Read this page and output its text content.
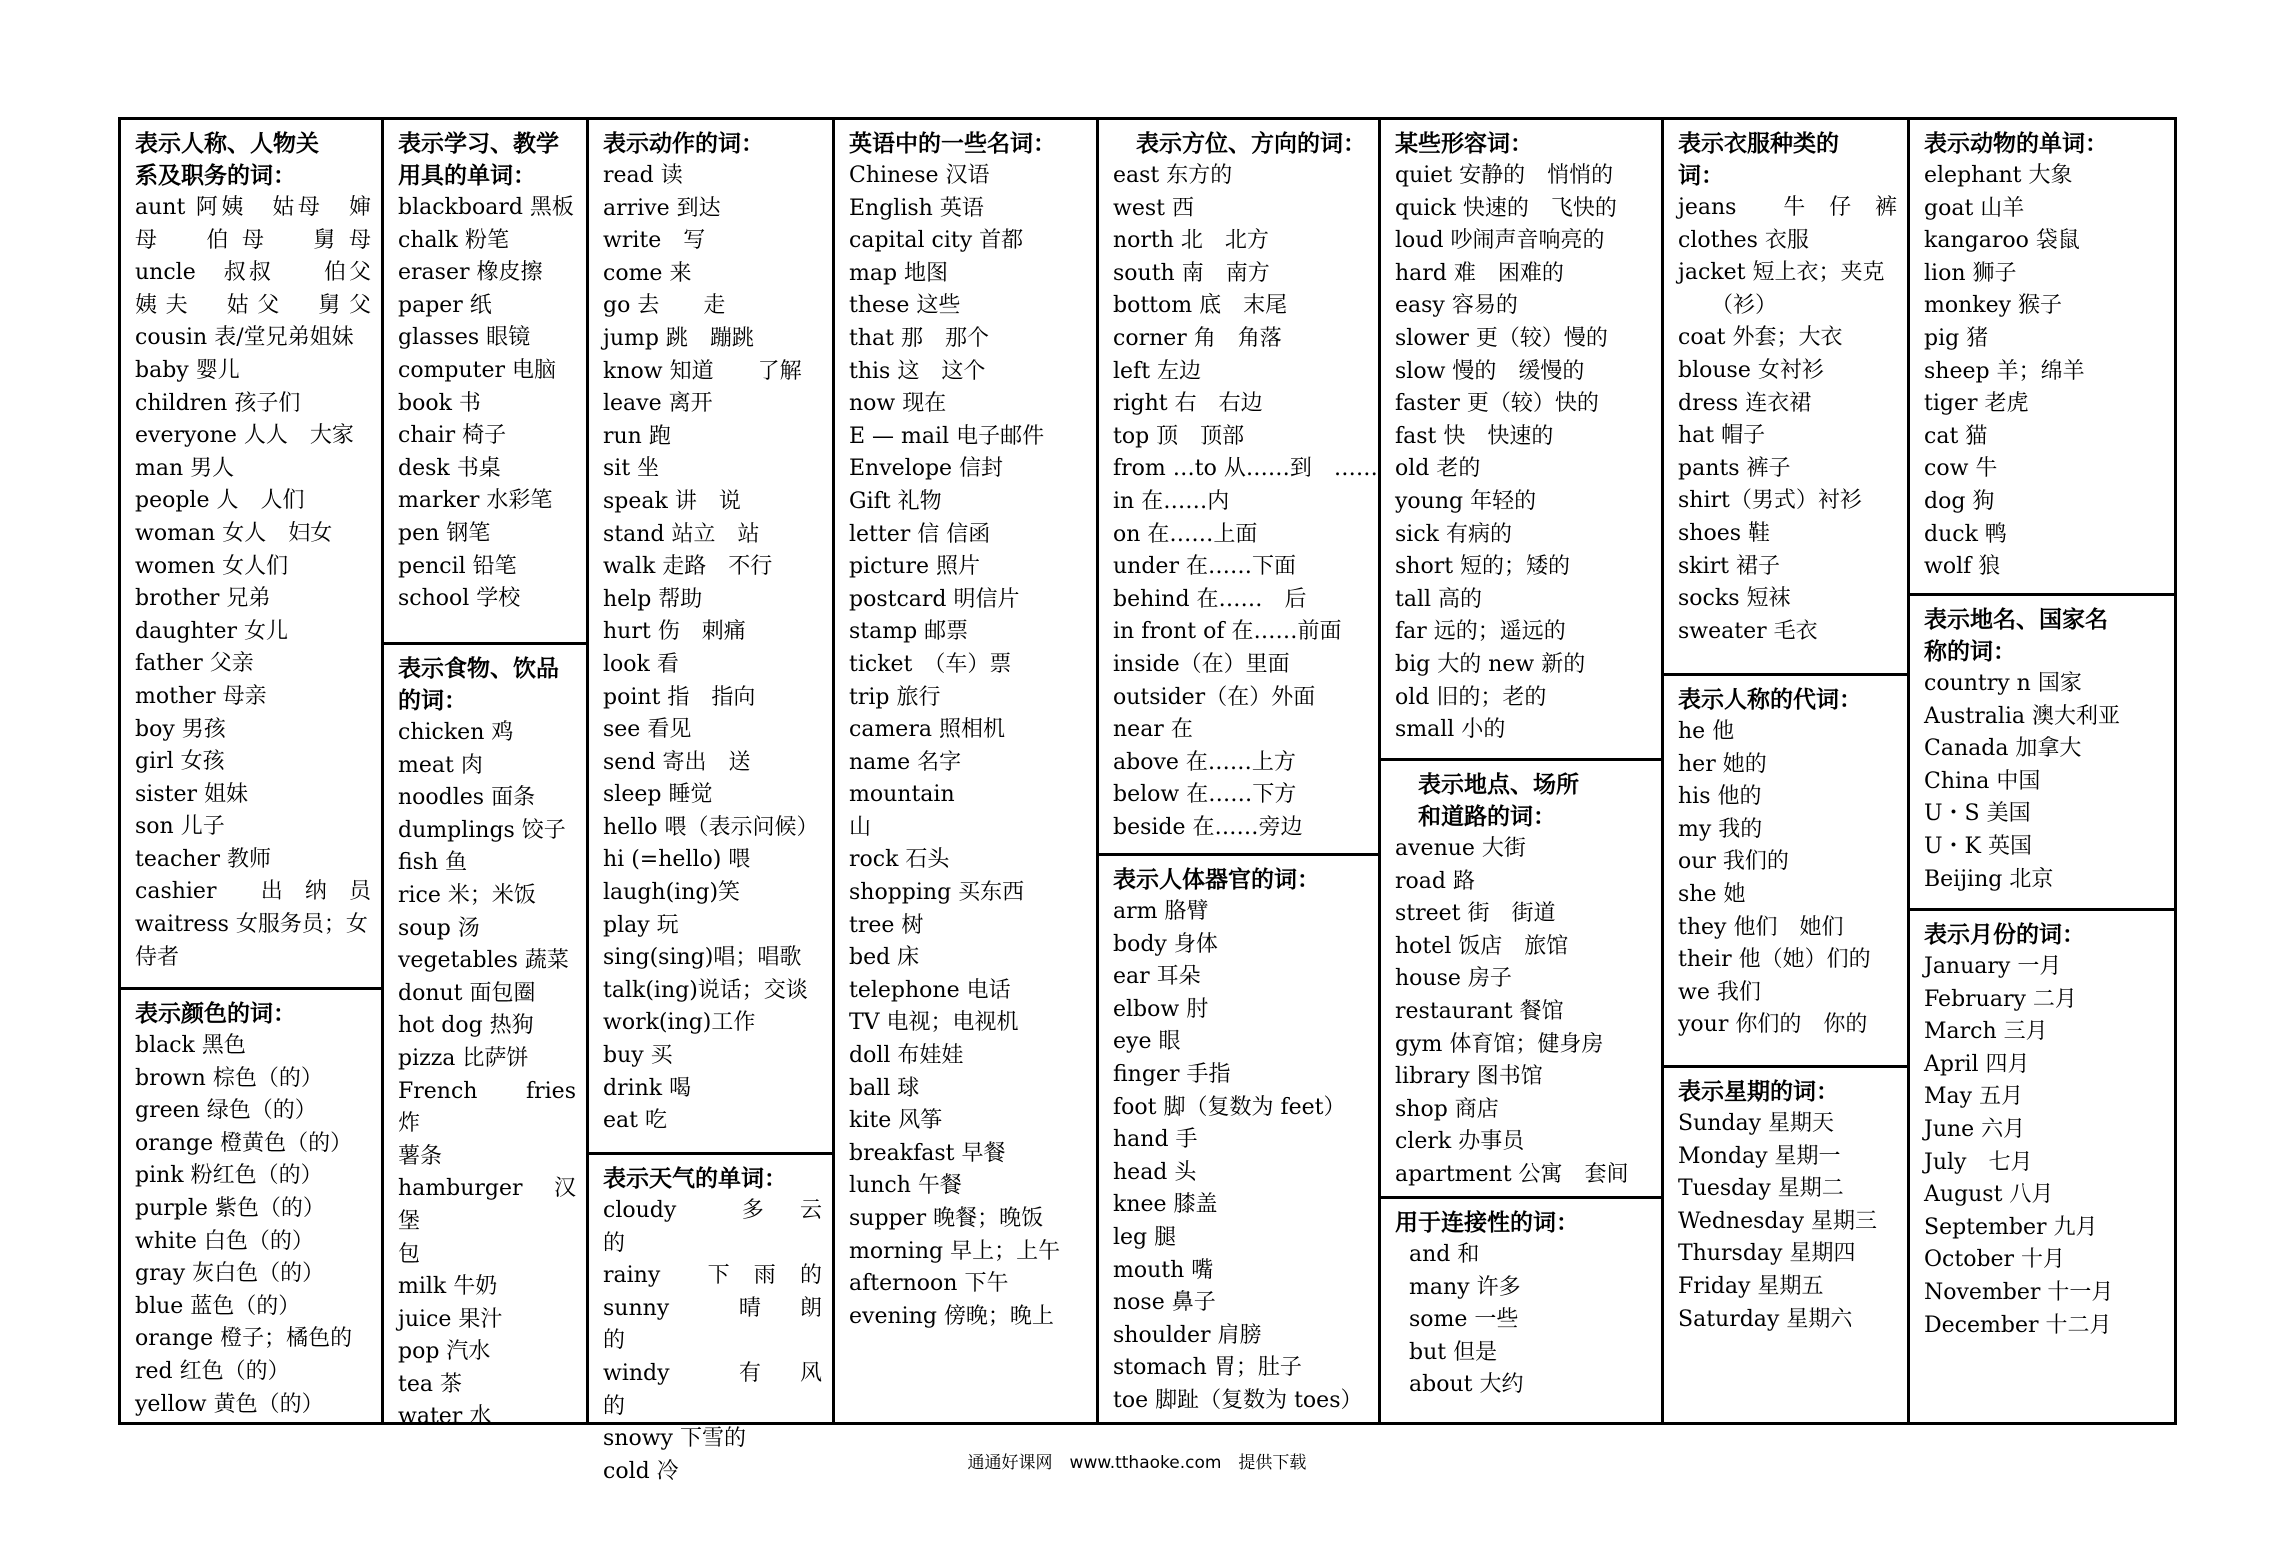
表示人称、人物关
系及职务的词：
aunt 阿姨　姑母　婶
母　伯母　舅母
uncle　叔叔　　伯父
姨夫　姑父　舅父
cousin 表/堂兄弟姐妹
baby 婴儿
children 孩子们
everyone 人人　大家
man 男人
people 人　人们
woman 女人　妇女
women 女人们
brother 兄弟
daughter 女儿
father 父亲
mother 母亲
boy 男孩
girl 女孩
sister 姐妹
son 儿子
teacher 教师
cashier　　出　纳　员
waitress 女服务员；女
侍者
表示颜色的词：
black 黑色
brown 棕色（的）
green 绿色（的）
orange 橙黄色（的）
pink 粉红色（的）
purple 紫色（的）
white 白色（的）
gray 灰白色（的）
blue 蓝色（的）
orange 橙子；橘色的
red 红色（的）
yellow 黄色（的）
表示学习、教学
用具的单词：
blackboard 黑板
chalk 粉笔
eraser 橡皮擦
paper 纸
glasses 眼镜
computer 电脑
book 书
chair 椅子
desk 书桌
marker 水彩笔
pen 钢笔
pencil 铅笔
school 学校
表示食物、饮品
的词：
chicken 鸡
meat 肉
noodles 面条
dumplings 饺子
fish 鱼
rice 米；米饭
soup 汤
vegetables 蔬菜
donut 面包圈
hot dog 热狗
pizza 比萨饼
French　fries　炸
薯条
hamburger　汉堡
包
milk 牛奶
juice 果汁
pop 汽水
tea 茶
water 水
表示动作的词：
read 读
arrive 到达
write　写
come 来
go 去　　走
jump 跳　蹦跳
know 知道　　了解
leave 离开
run 跑
sit 坐
speak 讲　说
stand 站立　站
walk 走路　不行
help 帮助
hurt 伤　刺痛
look 看
point 指　指向
see 看见
send 寄出　送
sleep 睡觉
hello 喂（表示问候）
hi (=hello) 喂
laugh(ing)笑
play 玩
sing(sing)唱；唱歌
talk(ing)说话；交谈
work(ing)工作
buy 买
drink 喝
eat 吃
表示天气的单词：
cloudy　　多　云　的
rainy　　下　雨　的
sunny　　晴　朗　的
windy　　有　风　的
snowy 下雪的
cold 冷
英语中的一些名词：
Chinese 汉语
English 英语
capital city 首都
map 地图
these 这些
that 那　那个
this 这　这个
now 现在
E — mail 电子邮件
Envelope 信封
Gift 礼物
letter 信 信函
picture 照片
postcard 明信片
stamp 邮票
ticket　（车）票
trip 旅行
camera 照相机
name 名字
mountain　　　　　　山
rock 石头
shopping 买东西
tree 树
bed 床
telephone 电话
TV 电视；电视机
doll 布娃娃
ball 球
kite 风筝
breakfast 早餐
lunch 午餐
supper 晚餐；晚饭
morning 早上；上午
afternoon 下午
evening 傍晚；晚上
　表示方位、方向的词：
east 东方的
west 西
north 北　北方
south 南　南方
bottom 底　末尾
corner 角　角落
left 左边
right 右　右边
top 顶　顶部
from …to 从……到　……
in 在……内
on 在……上面
under 在……下面
behind 在……　后
in front of 在……前面
inside（在）里面
outsider（在）外面
near 在
above 在……上方
below 在……下方
beside 在……旁边
表示人体器官的词：
arm 胳臂
body 身体
ear 耳朵
elbow 肘
eye 眼
finger 手指
foot 脚（复数为 feet）
hand 手
head 头
knee 膝盖
leg 腿
mouth 嘴
nose 鼻子
shoulder 肩膀
stomach 胃；肚子
toe 脚趾（复数为 toes）
某些形容词：
quiet 安静的　悄悄的
quick 快速的　飞快的
loud 吵闹声音响亮的
hard 难　困难的
easy 容易的
slower 更（较）慢的
slow 慢的　缓慢的
faster 更（较）快的
fast 快　快速的
old 老的
young 年轻的
sick 有病的
short 短的；矮的
tall 高的
far 远的；遥远的
big 大的 new 新的
old 旧的；老的
small 小的
　表示地点、场所
　和道路的词：
avenue 大街
road 路
street 街　街道
hotel 饭店　旅馆
house 房子
restaurant 餐馆
gym 体育馆；健身房
library 图书馆
shop 商店
clerk 办事员
apartment 公寓　套间
用于连接性的词：
and 和
many 许多
some 一些
but 但是
about 大约
表示衣服种类的
词：
jeans　　牛　仔　裤
clothes 衣服
jacket 短上衣；夹克
　　（衫）
coat 外套；大衣
blouse 女衬衫
dress 连衣裙
hat 帽子
pants 裤子
shirt（男式）衬衫
shoes 鞋
skirt 裙子
socks 短袜
sweater 毛衣
表示人称的代词：
he 他
her 她的
his 他的
my 我的
our 我们的
she 她
they 他们　她们
their 他（她）们的
we 我们
your 你们的　你的
表示星期的词：
Sunday 星期天
Monday 星期一
Tuesday 星期二
Wednesday 星期三
Thursday 星期四
Friday 星期五
Saturday 星期六
表示动物的单词：
elephant 大象
goat 山羊
kangaroo 袋鼠
lion 狮子
monkey 猴子
pig 猪
sheep 羊；绵羊
tiger 老虎
cat 猫
cow 牛
dog 狗
duck 鸭
wolf 狼
表示地名、国家名
称的词：
country n 国家
Australia 澳大利亚
Canada 加拿大
China 中国
U・S 美国
U・K 英国
Beijing 北京
表示月份的词：
January 一月
February 二月
March 三月
April 四月
May 五月
June 六月
July　七月
August 八月
September 九月
October 十月
November 十一月
December 十二月
通通好课网　www.tthaoke.com　提供下载
